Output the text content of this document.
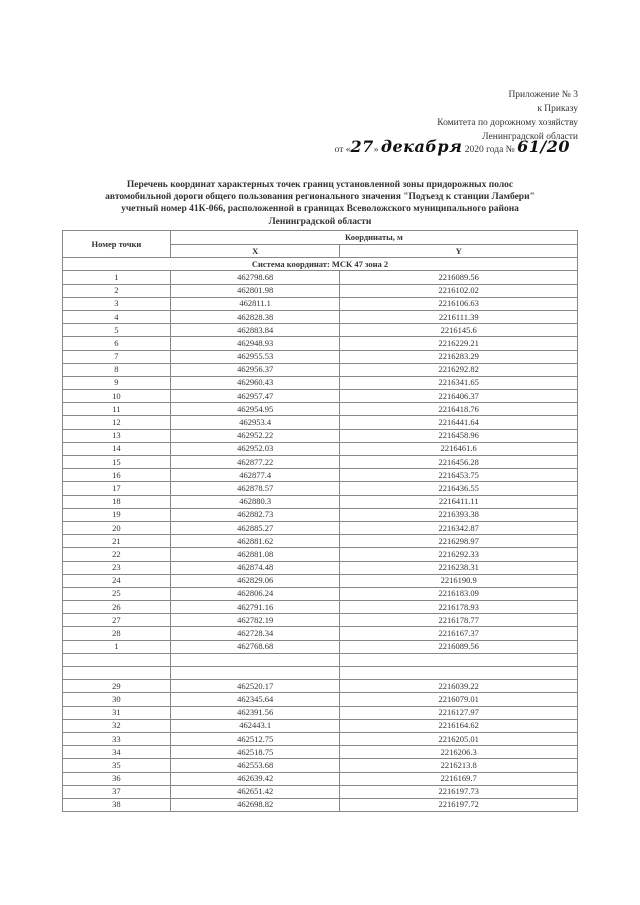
Приложение № 3
к Приказу
Комитета по дорожному хозяйству
Ленинградской области
от «27» декабря 2020 года № 61/20
Перечень координат характерных точек границ установленной зоны придорожных полос
автомобильной дороги общего пользования регионального значения "Подъезд к станции Ламбери"
учетный номер 41К-066, расположенной в границах Всеволожского муниципального района
Ленинградской области
Номер точки	Координаты, м	
	X	Y
Система координат: МСК 47 зона 2		
1	462798.68	2216089.56
2	462801.98	2216102.02
3	462811.1	2216106.63
4	462828.38	2216111.39
5	462883.84	2216145.6
6	462948.93	2216229.21
7	462955.53	2216283.29
8	462956.37	2216292.82
9	462960.43	2216341.65
10	462957.47	2216406.37
11	462954.95	2216418.76
12	462953.4	2216441.64
13	462952.22	2216458.96
14	462952.03	2216461.6
15	462877.22	2216456.28
16	462877.4	2216453.75
17	462878.57	2216436.55
18	462880.3	2216411.11
19	462882.73	2216393.38
20	462885.27	2216342.87
21	462881.62	2216298.97
22	462881.08	2216292.33
23	462874.48	2216238.31
24	462829.06	2216190.9
25	462806.24	2216183.09
26	462791.16	2216178.93
27	462782.19	2216178.77
28	462728.34	2216167.37
1	462768.68	2216089.56

29	462520.17	2216039.22
30	462345.64	2216079.01
31	462391.56	2216127.97
32	462443.1	2216164.62
33	462512.75	2216205.01
34	462518.75	2216206.3
35	462553.68	2216213.8
36	462639.42	2216169.7
37	462651.42	2216197.73
38	462698.82	2216197.72
